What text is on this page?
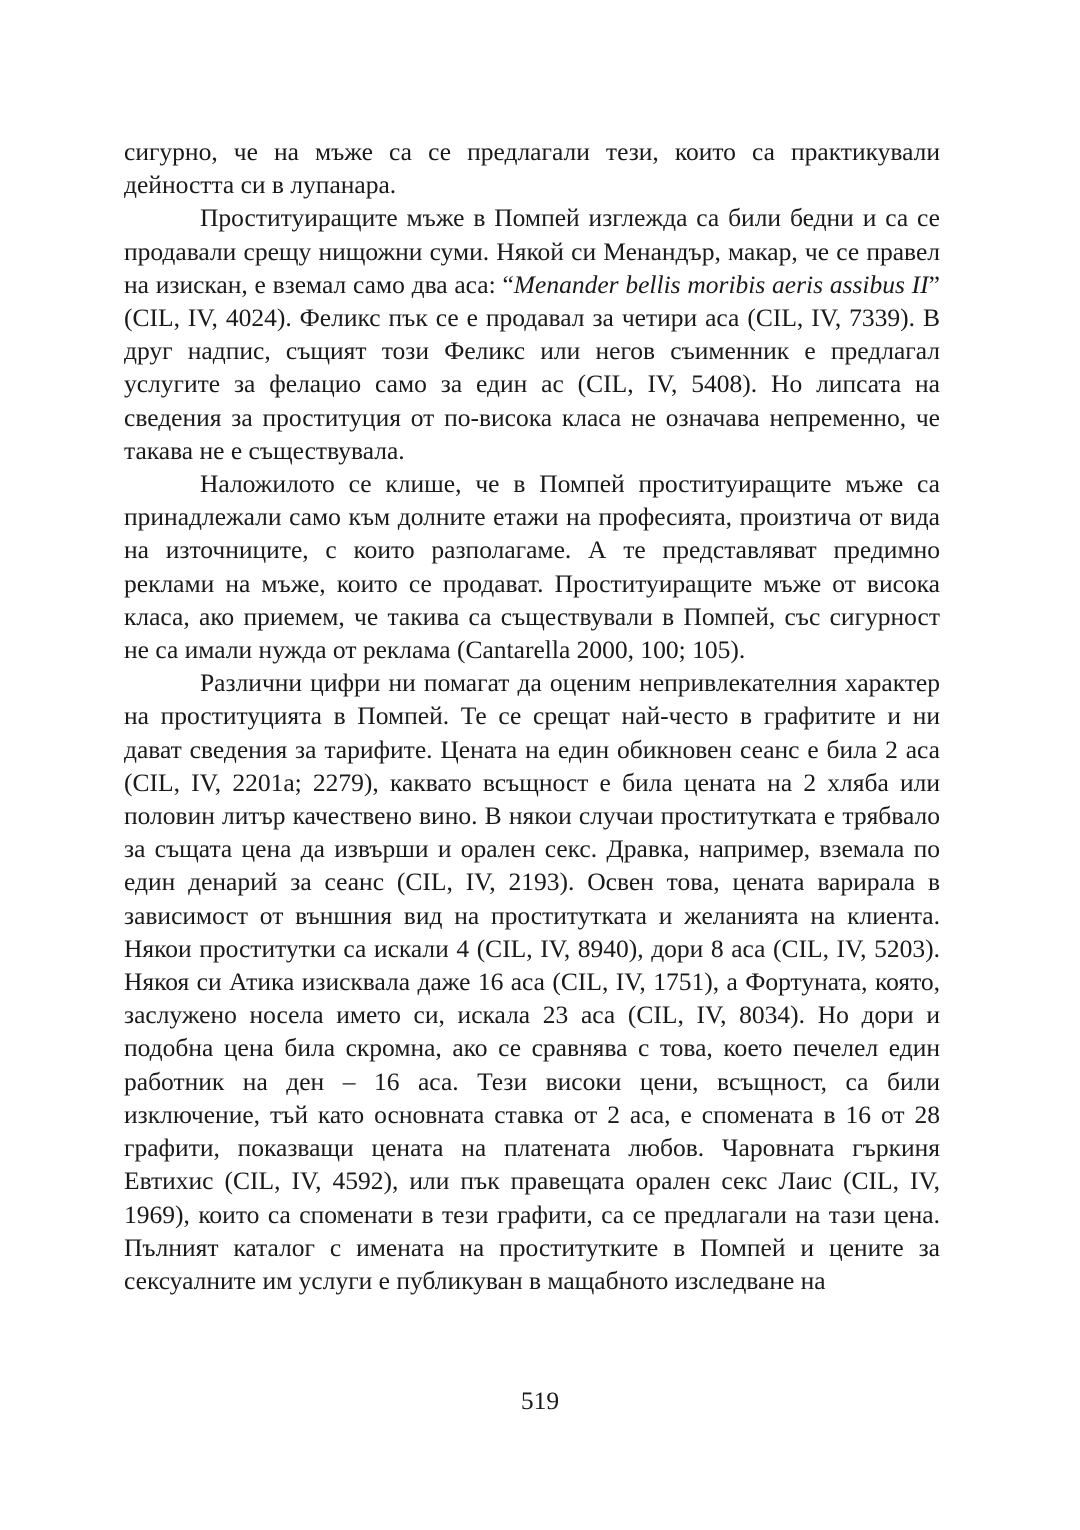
сигурно, че на мъже са се предлагали тези, които са практикували дейността си в лупанара.

Проституиращите мъже в Помпей изглежда са били бедни и са се продавали срещу нищожни суми. Някой си Менандър, макар, че се правел на изискан, е вземал само два аса: “Menander bellis moribis aeris assibus II” (CIL, IV, 4024). Феликс пък се е продавал за четири аса (CIL, IV, 7339). В друг надпис, същият този Феликс или негов съименник е предлагал услугите за фелацио само за един ас (CIL, IV, 5408). Но липсата на сведения за проституция от по-висока класа не означава непременно, че такава не е съществувала.

Наложилото се клише, че в Помпей проституиращите мъже са принадлежали само към долните етажи на професията, произтича от вида на източниците, с които разполагаме. А те представляват предимно реклами на мъже, които се продават. Проституиращите мъже от висока класа, ако приемем, че такива са съществували в Помпей, със сигурност не са имали нужда от реклама (Cantarella 2000, 100; 105).

Различни цифри ни помагат да оценим непривлекателния характер на проституцията в Помпей. Те се срещат най-често в графитите и ни дават сведения за тарифите. Цената на един обикновен сеанс е била 2 аса (CIL, IV, 2201a; 2279), каквато всъщност е била цената на 2 хляба или половин литър качествено вино. В някои случаи проститутката е трябвало за същата цена да извърши и орален секс. Дравка, например, вземала по един денарий за сеанс (CIL, IV, 2193). Освен това, цената варирала в зависимост от външния вид на проститутката и желанията на клиента. Някои проститутки са искали 4 (CIL, IV, 8940), дори 8 аса (CIL, IV, 5203). Някоя си Атика изисквала даже 16 аса (CIL, IV, 1751), а Фортуната, която, заслужено носела името си, искала 23 аса (CIL, IV, 8034). Но дори и подобна цена била скромна, ако се сравнява с това, което печелел един работник на ден – 16 аса. Тези високи цени, всъщност, са били изключение, тъй като основната ставка от 2 аса, е спомената в 16 от 28 графити, показващи цената на платената любов. Чаровната гъркиня Евтихис (CIL, IV, 4592), или пък правещата орален секс Лаис (CIL, IV, 1969), които са споменати в тези графити, са се предлагали на тази цена. Пълният каталог с имената на проститутките в Помпей и цените за сексуалните им услуги е публикуван в мащабното изследване на

519
